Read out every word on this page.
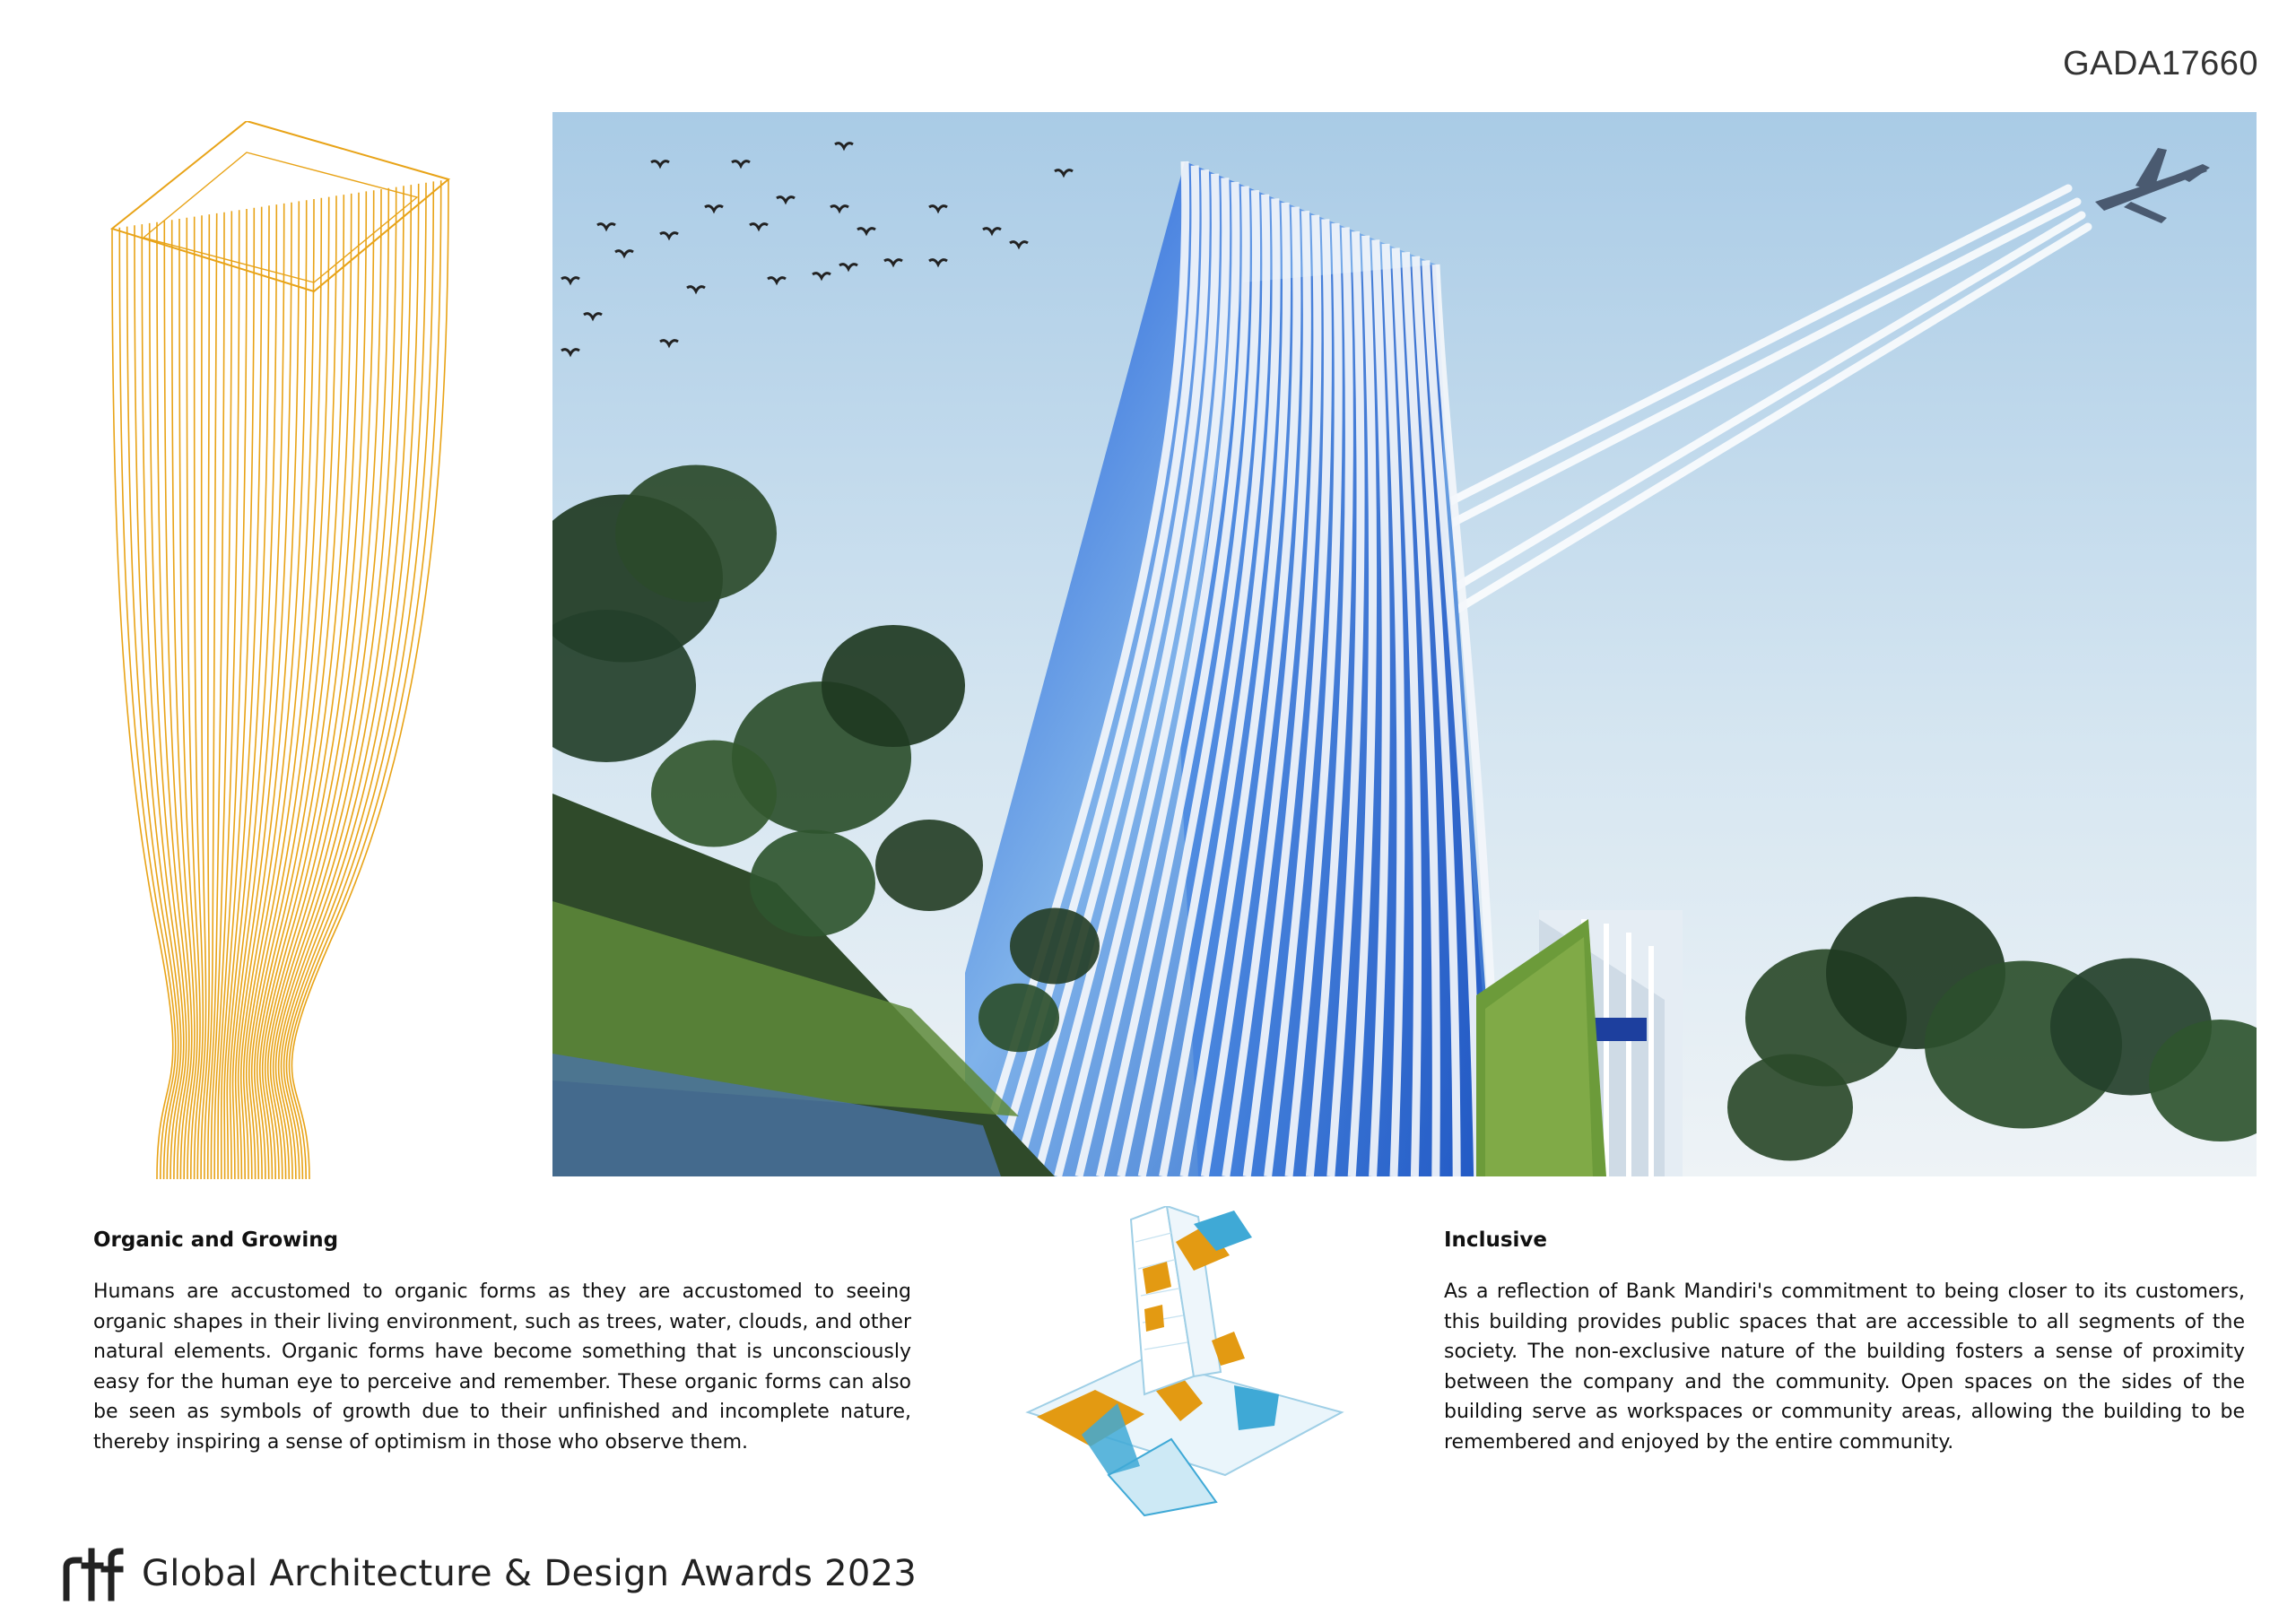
GADA17660
Organic and Growing

Humans are accustomed to organic forms as they are accustomed to seeing organic shapes in their living environment, such as trees, water, clouds, and other natural elements. Organic forms have become something that is unconsciously easy for the human eye to perceive and remember. These organic forms can also be seen as symbols of growth due to their unfinished and incomplete nature, thereby inspiring a sense of optimism in those who observe them.

Inclusive

As a reflection of Bank Mandiri's commitment to being closer to its customers, this building provides public spaces that are accessible to all segments of the society. The non-exclusive nature of the building fosters a sense of proximity between the company and the community. Open spaces on the sides of the building serve as workspaces or community areas, allowing the building to be remembered and enjoyed by the entire community.

Global Architecture & Design Awards 2023
